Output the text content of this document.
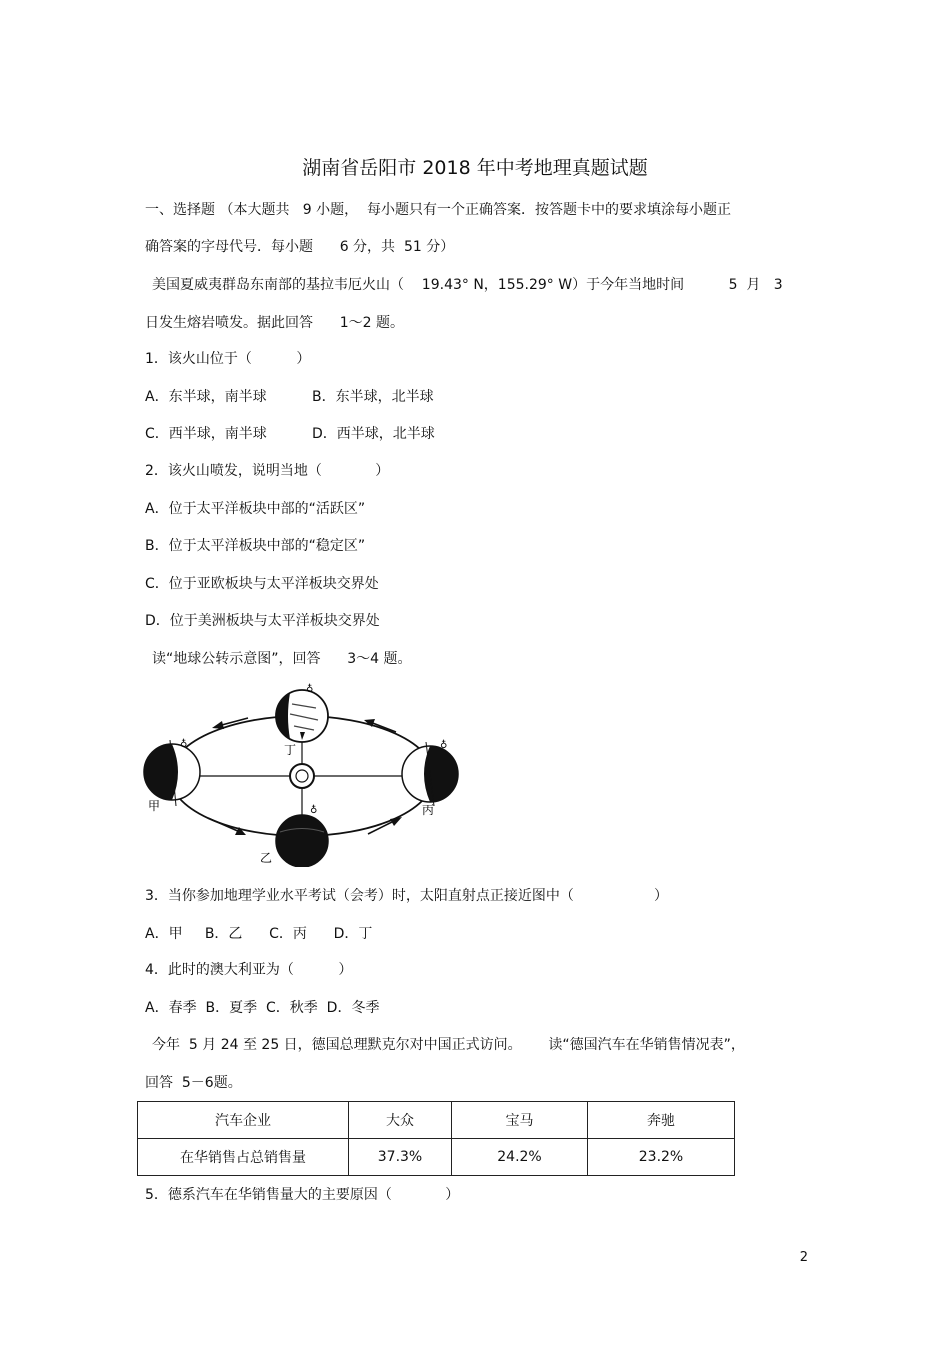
湖南省岳阳市 2018 年中考地理真题试题
一、选择题 （本大题共   9 小题，  每小题只有一个正确答案．按答题卡中的要求填涂每小题正
确答案的字母代号．每小题      6 分，共  51 分）
美国夏威夷群岛东南部的基拉韦厄火山（    19.43° N，155.29° W）于今年当地时间          5  月   3
日发生熔岩喷发。据此回答      1～2 题。
1．该火山位于（          ）
A．东半球，南半球	B．东半球，北半球
C．西半球，南半球	D．西半球，北半球
2．该火山喷发，说明当地（            ）
A．位于太平洋板块中部的“活跃区”
B．位于太平洋板块中部的“稳定区”
C．位于亚欧板块与太平洋板块交界处
D．位于美洲板块与太平洋板块交界处
读“地球公转示意图”，回答      3～4 题。
♁
♁
♁
♁
甲
乙
丙
丁
3．当你参加地理学业水平考试（会考）时，太阳直射点正接近图中（                  ）
A．甲     B．乙      C．丙      D．丁
4．此时的澳大利亚为（          ）
A．春季  B．夏季  C．秋季  D．冬季
今年  5 月 24 至 25 日，德国总理默克尔对中国正式访问。      读“德国汽车在华销售情况表”，
回答  5－6题。
汽车企业	大众	宝马	奔驰
在华销售占总销售量	37.3%	24.2%	23.2%
5．德系汽车在华销售量大的主要原因（            ）
2
